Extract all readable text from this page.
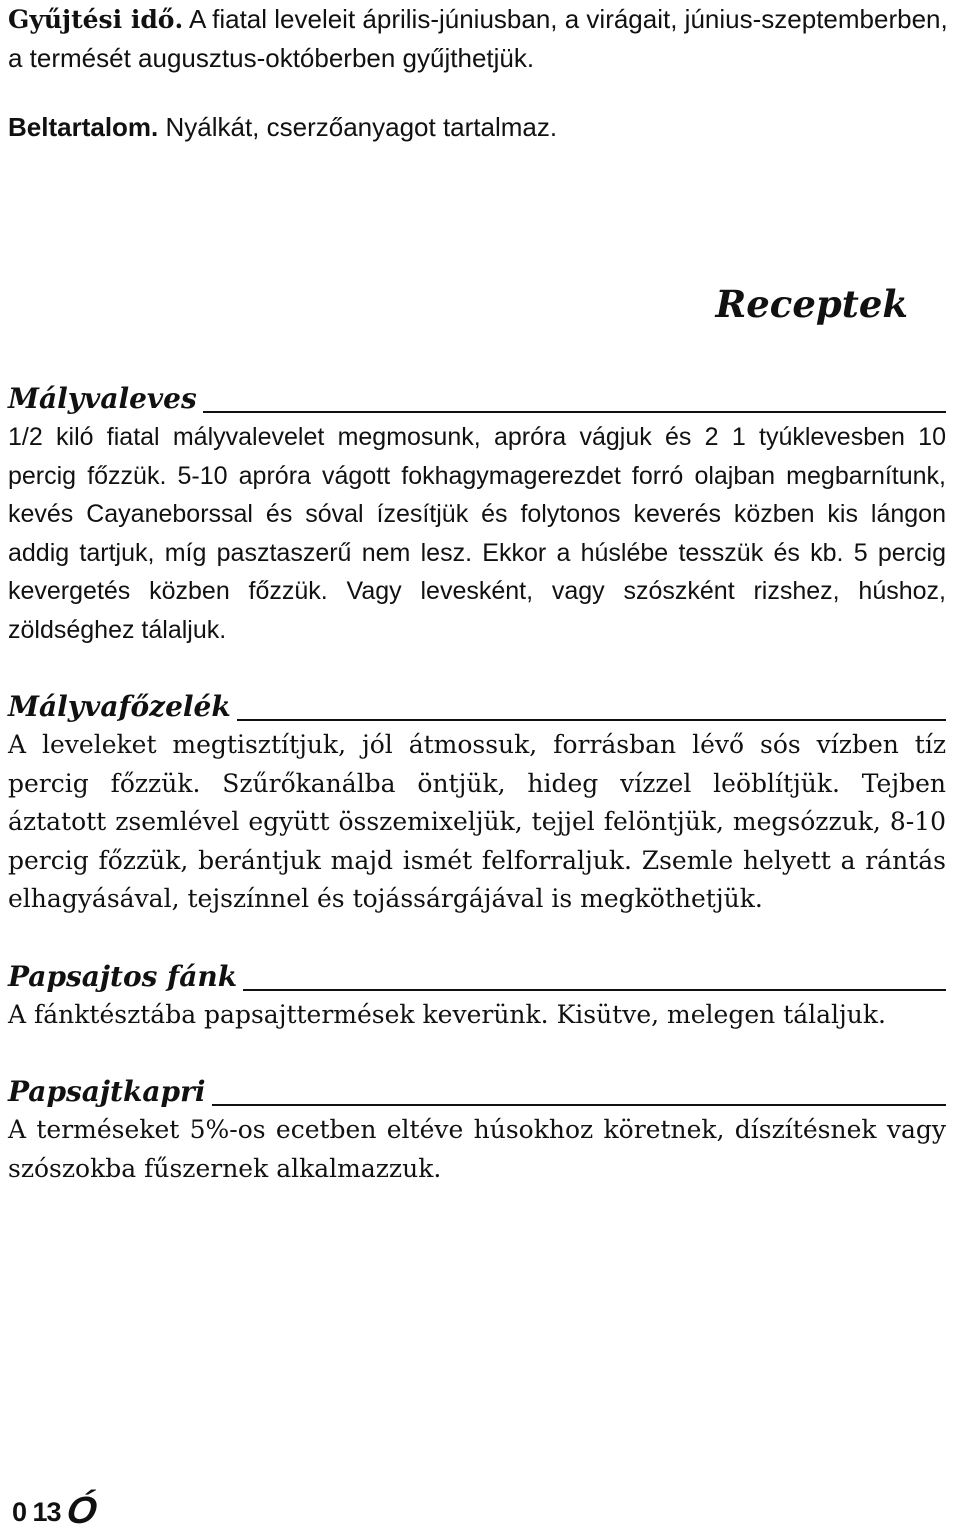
Gyűjtési idő. A fiatal leveleit április-júniusban, a virágait, június-szeptemberben, a termését augusztus-októberben gyűjthetjük.

Beltartalom. Nyálkát, cserzőanyagot tartalmaz.

Receptek
Mályvaleves

1/2 kiló fiatal mályvalevelet megmosunk, apróra vágjuk és 2 1 tyúklevesben 10 percig főzzük. 5-10 apróra vágott fokhagymagerezdet forró olajban megbarnítunk, kevés Cayaneborssal és sóval ízesítjük és folytonos keverés közben kis lángon addig tartjuk, míg pasztaszerű nem lesz. Ekkor a húslébe tesszük és kb. 5 percig kevergetés közben főzzük. Vagy levesként, vagy szószként rizshez, húshoz, zöldséghez tálaljuk.

Mályvafőzelék

A leveleket megtisztítjuk, jól átmossuk, forrásban lévő sós vízben tíz percig főzzük. Szűrőkanálba öntjük, hideg vízzel leöblítjük. Tejben áztatott zsemlével együtt összemixeljük, tejjel felöntjük, megsózzuk, 8-10 percig főzzük, berántjuk majd ismét felforraljuk. Zsemle helyett a rántás elhagyásával, tejszínnel és tojássárgájával is megköthetjük.

Papsajtos fánk

A fánktésztába papsajttermések keverünk. Kisütve, melegen tálaljuk.

Papsajtkapri

A terméseket 5%-os ecetben eltéve húsokhoz köretnek, díszítésnek vagy szószokba fűszernek alkalmazzuk.

0 13 Ó
